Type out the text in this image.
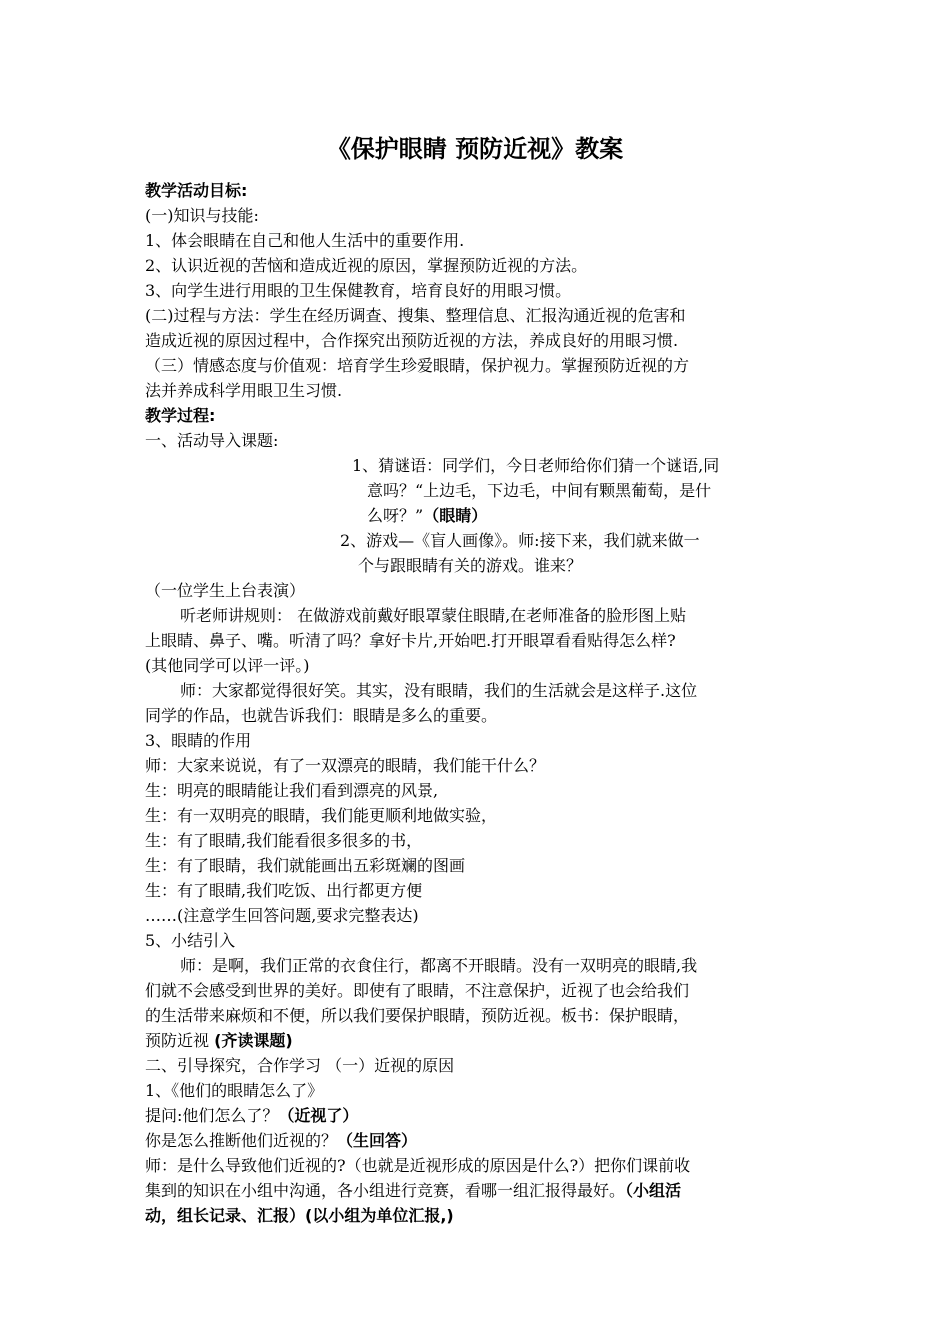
《保护眼睛 预防近视》教案
教学活动目标:
(一)知识与技能:
1、体会眼睛在自己和他人生活中的重要作用.
2、认识近视的苦恼和造成近视的原因，掌握预防近视的方法。
3、向学生进行用眼的卫生保健教育，培育良好的用眼习惯。
(二)过程与方法：学生在经历调查、搜集、整理信息、汇报沟通近视的危害和
造成近视的原因过程中，合作探究出预防近视的方法，养成良好的用眼习惯.
（三）情感态度与价值观：培育学生珍爱眼睛，保护视力。掌握预防近视的方
法并养成科学用眼卫生习惯.
教学过程:
一、活动导入课题:
1、猜谜语：同学们，今日老师给你们猜一个谜语,同
意吗？“上边毛，下边毛，中间有颗黑葡萄，是什
么呀？”（眼睛）
2、游戏—《盲人画像》。师:接下来，我们就来做一
个与跟眼睛有关的游戏。谁来？
（一位学生上台表演）
听老师讲规则： 在做游戏前戴好眼罩蒙住眼睛,在老师准备的脸形图上贴
上眼睛、鼻子、嘴。听清了吗？拿好卡片,开始吧.打开眼罩看看贴得怎么样?
(其他同学可以评一评。)
师：大家都觉得很好笑。其实，没有眼睛，我们的生活就会是这样子.这位
同学的作品，也就告诉我们：眼睛是多么的重要。
3、眼睛的作用
师：大家来说说，有了一双漂亮的眼睛，我们能干什么？
生：明亮的眼睛能让我们看到漂亮的风景,
生：有一双明亮的眼睛，我们能更顺利地做实验，
生：有了眼睛,我们能看很多很多的书，
生：有了眼睛，我们就能画出五彩斑斓的图画
生：有了眼睛,我们吃饭、出行都更方便
……(注意学生回答问题,要求完整表达)
5、小结引入
师：是啊，我们正常的衣食住行，都离不开眼睛。没有一双明亮的眼睛,我
们就不会感受到世界的美好。即使有了眼睛，不注意保护，近视了也会给我们
的生活带来麻烦和不便，所以我们要保护眼睛，预防近视。板书：保护眼睛，
预防近视 (齐读课题)
二、引导探究，合作学习 （一）近视的原因
1、《他们的眼睛怎么了》
提问:他们怎么了？（近视了）
你是怎么推断他们近视的？（生回答）
师：是什么导致他们近视的?（也就是近视形成的原因是什么?）把你们课前收
集到的知识在小组中沟通，各小组进行竞赛，看哪一组汇报得最好。（小组活
动，组长记录、汇报）(以小组为单位汇报,)
